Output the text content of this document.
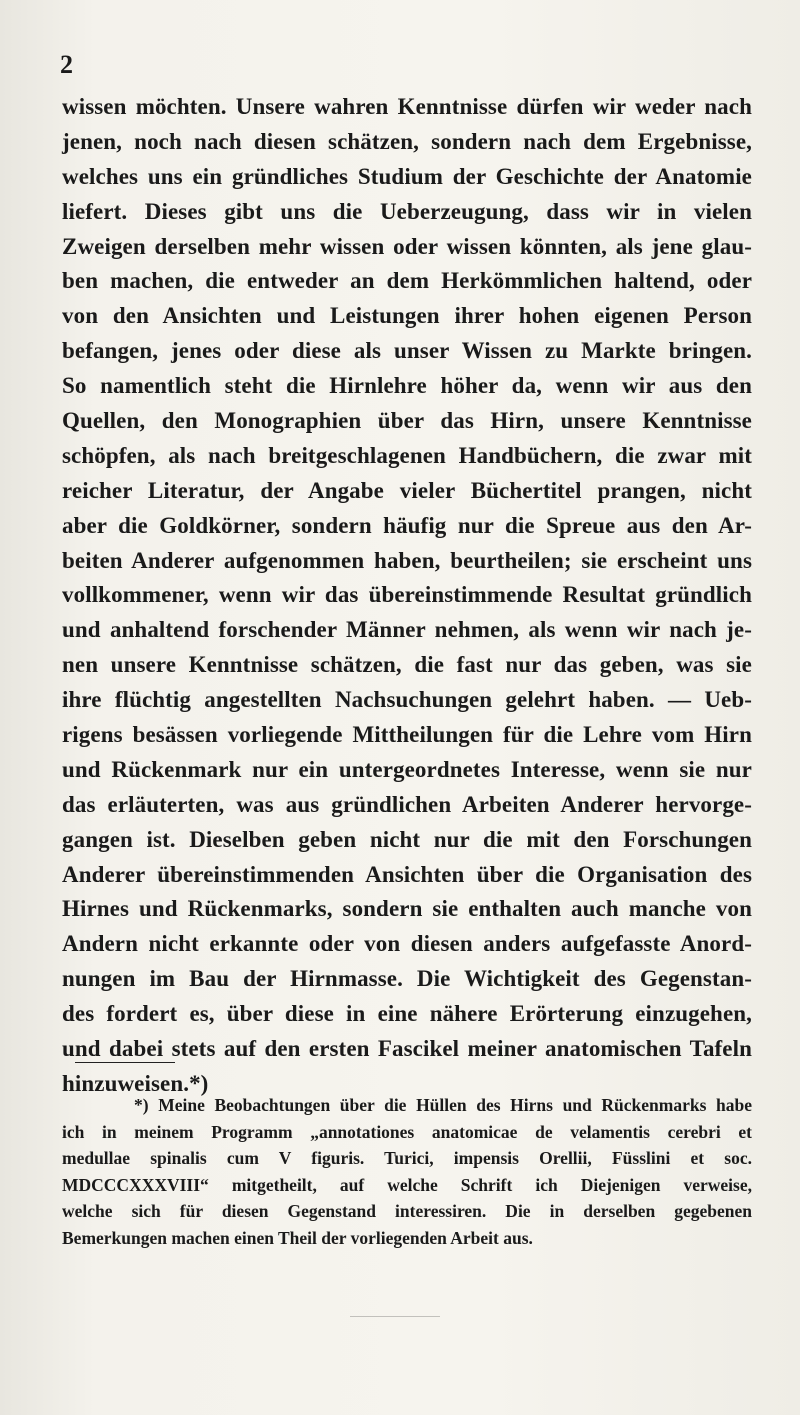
2
wissen möchten. Unsere wahren Kenntnisse dürfen wir weder nach
jenen, noch nach diesen schätzen, sondern nach dem Ergebnisse,
welches uns ein gründliches Studium der Geschichte der Anatomie
liefert. Dieses gibt uns die Ueberzeugung, dass wir in vielen
Zweigen derselben mehr wissen oder wissen könnten, als jene glau-
ben machen, die entweder an dem Herkömmlichen haltend, oder
von den Ansichten und Leistungen ihrer hohen eigenen Person
befangen, jenes oder diese als unser Wissen zu Markte bringen.
So namentlich steht die Hirnlehre höher da, wenn wir aus den
Quellen, den Monographien über das Hirn, unsere Kenntnisse
schöpfen, als nach breitgeschlagenen Handbüchern, die zwar mit
reicher Literatur, der Angabe vieler Büchertitel prangen, nicht
aber die Goldkörner, sondern häufig nur die Spreue aus den Ar-
beiten Anderer aufgenommen haben, beurtheilen; sie erscheint uns
vollkommener, wenn wir das übereinstimmende Resultat gründlich
und anhaltend forschender Männer nehmen, als wenn wir nach je-
nen unsere Kenntnisse schätzen, die fast nur das geben, was sie
ihre flüchtig angestellten Nachsuchungen gelehrt haben. — Ueb-
rigens besässen vorliegende Mittheilungen für die Lehre vom Hirn
und Rückenmark nur ein untergeordnetes Interesse, wenn sie nur
das erläuterten, was aus gründlichen Arbeiten Anderer hervorge-
gangen ist. Dieselben geben nicht nur die mit den Forschungen
Anderer übereinstimmenden Ansichten über die Organisation des
Hirnes und Rückenmarks, sondern sie enthalten auch manche von
Andern nicht erkannte oder von diesen anders aufgefasste Anord-
nungen im Bau der Hirnmasse. Die Wichtigkeit des Gegenstan-
des fordert es, über diese in eine nähere Erörterung einzugehen,
und dabei stets auf den ersten Fascikel meiner anatomischen Tafeln
hinzuweisen.*)
*) Meine Beobachtungen über die Hüllen des Hirns und Rückenmarks habe
ich in meinem Programm „annotationes anatomicae de velamentis cerebri et
medullae spinalis cum V figuris. Turici, impensis Orellii, Füsslini et soc.
MDCCCXXXVIII“ mitgetheilt, auf welche Schrift ich Diejenigen verweise,
welche sich für diesen Gegenstand interessiren. Die in derselben gegebenen
Bemerkungen machen einen Theil der vorliegenden Arbeit aus.
